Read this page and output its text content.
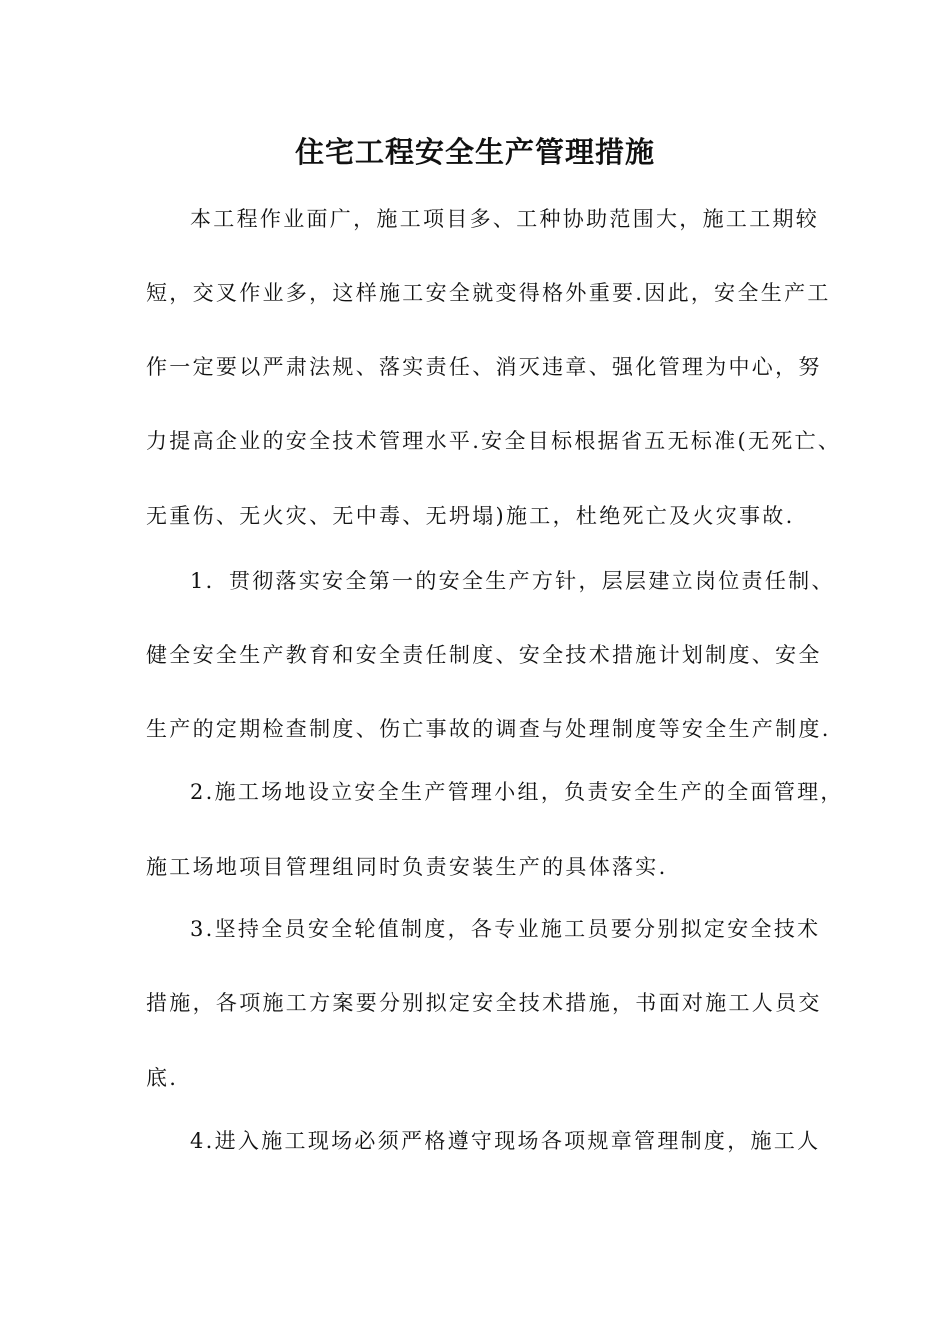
住宅工程安全生产管理措施
本工程作业面广，施工项目多、工种协助范围大，施工工期较
短，交叉作业多，这样施工安全就变得格外重要.因此，安全生产工
作一定要以严肃法规、落实责任、消灭违章、强化管理为中心，努
力提高企业的安全技术管理水平.安全目标根据省五无标准(无死亡、
无重伤、无火灾、无中毒、无坍塌)施工，杜绝死亡及火灾事故.
1．贯彻落实安全第一的安全生产方针，层层建立岗位责任制、
健全安全生产教育和安全责任制度、安全技术措施计划制度、安全
生产的定期检查制度、伤亡事故的调查与处理制度等安全生产制度.
2.施工场地设立安全生产管理小组，负责安全生产的全面管理，
施工场地项目管理组同时负责安装生产的具体落实.
3.坚持全员安全轮值制度，各专业施工员要分别拟定安全技术
措施，各项施工方案要分别拟定安全技术措施，书面对施工人员交
底.
4.进入施工现场必须严格遵守现场各项规章管理制度，施工人
